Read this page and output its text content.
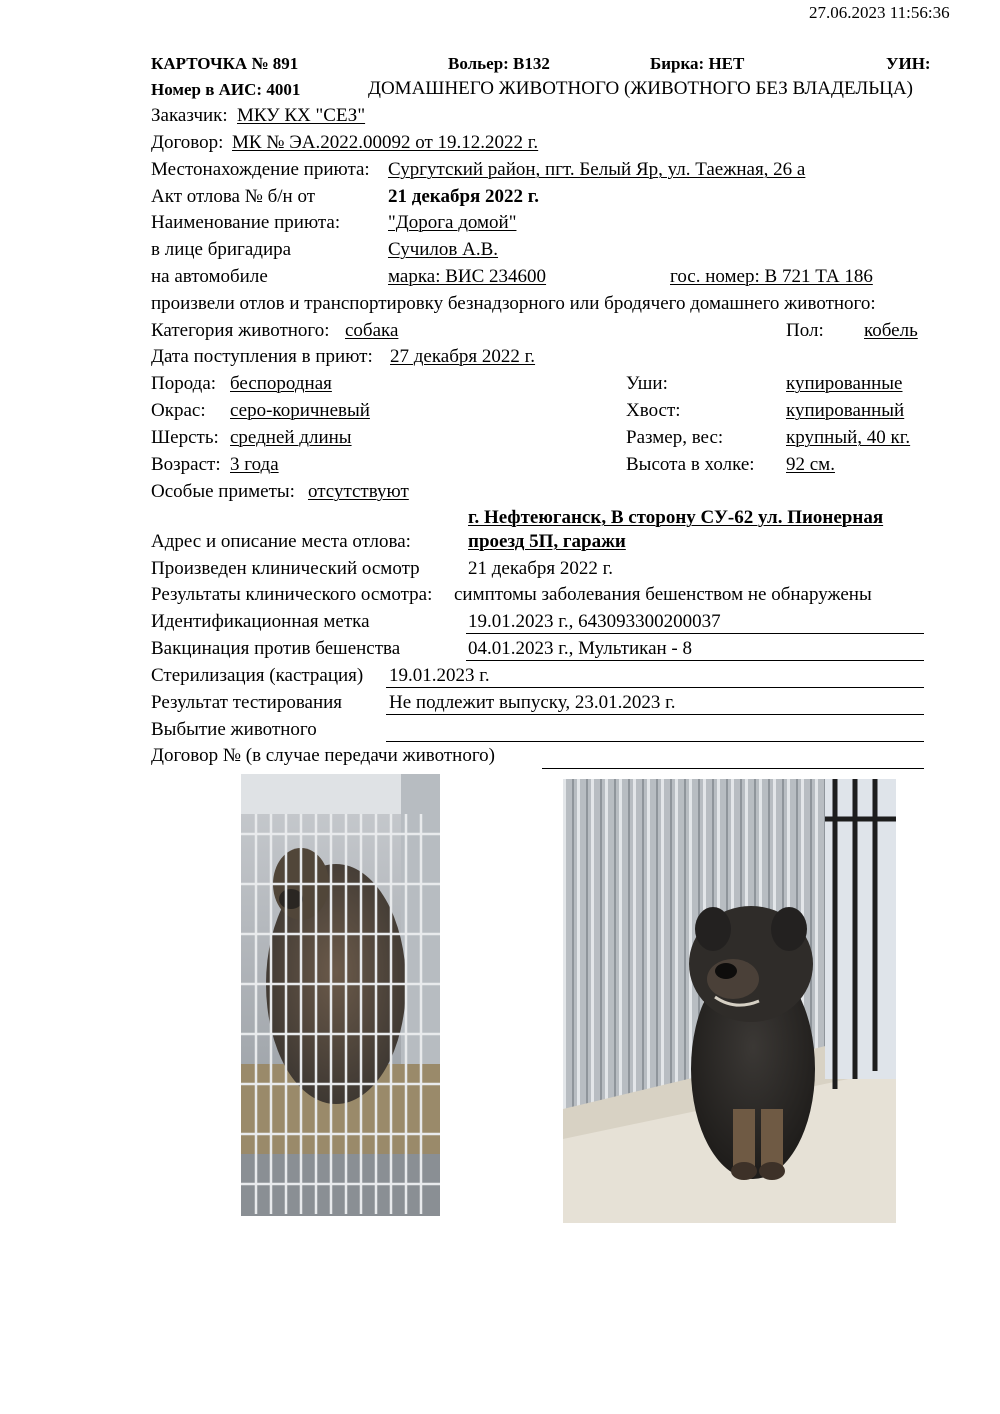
27.06.2023 11:56:36
КАРТОЧКА № 891	Вольер: В132	Бирка: НЕТ	УИН:
Номер в АИС: 4001	ДОМАШНЕГО ЖИВОТНОГО (ЖИВОТНОГО БЕЗ ВЛАДЕЛЬЦА)
Заказчик: МКУ КХ "СЕЗ"
Договор: МК № ЭА.2022.00092 от 19.12.2022 г.
Местонахождение приюта: Сургутский район, пгт. Белый Яр, ул. Таежная, 26 а
Акт отлова № б/н от	21 декабря 2022 г.
Наименование приюта:	"Дорога домой"
в лице бригадира	Сучилов А.В.
на автомобиле	марка: ВИС 234600	гос. номер: В 721 ТА 186
произвели отлов и транспортировку безнадзорного или бродячего домашнего животного:
Категория животного: собака	Пол: кобель
Дата поступления в приют: 27 декабря 2022 г.
Порода: беспородная	Уши:	купированные
Окрас: серо-коричневый	Хвост:	купированный
Шерсть: средней длины	Размер, вес:	крупный, 40 кг.
Возраст: 3 года	Высота в холке: 92 см.
Особые приметы: отсутствуют
г. Нефтеюганск, В сторону СУ-62 ул. Пионерная
Адрес и описание места отлова:	проезд 5П, гаражи
Произведен клинический осмотр	21 декабря 2022 г.
Результаты клинического осмотра: симптомы заболевания бешенством не обнаружены
Идентификационная метка	19.01.2023 г., 643093300200037
Вакцинация против бешенства	04.01.2023 г., Мультикан - 8
Стерилизация (кастрация) 19.01.2023 г.
Результат тестирования Не подлежит выпуску, 23.01.2023 г.
Выбытие животного
Договор № (в случае передачи животного)
